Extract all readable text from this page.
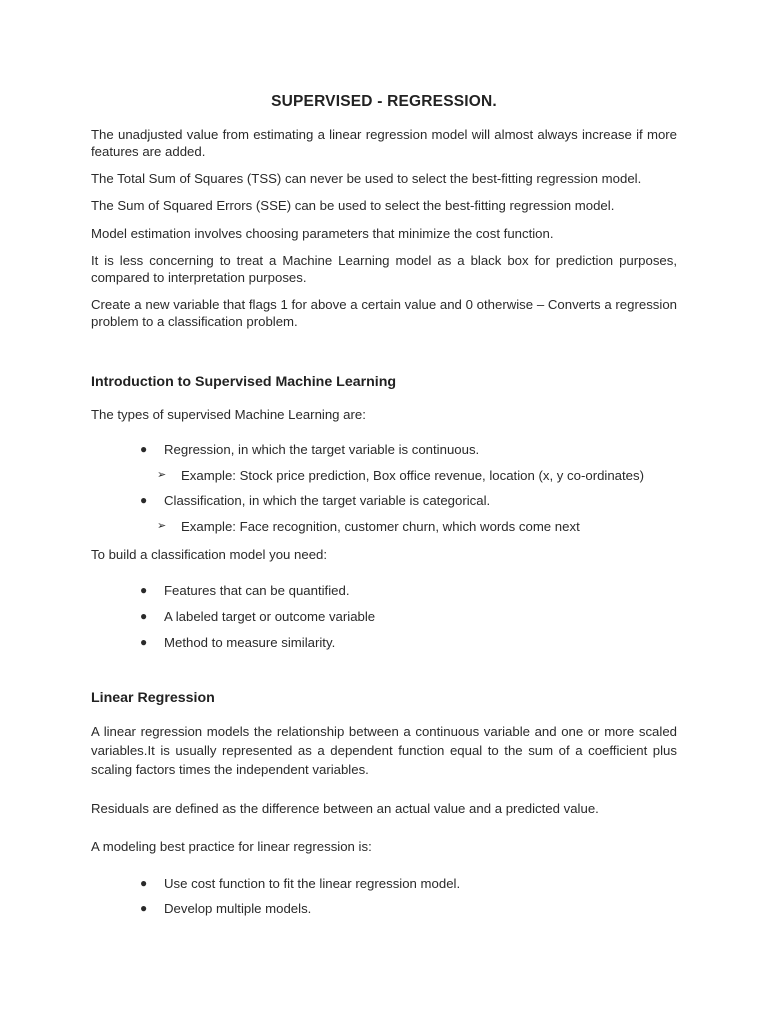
SUPERVISED - REGRESSION.
The unadjusted value from estimating a linear regression model will almost always increase if more features are added.
The Total Sum of Squares (TSS) can never be used to select the best-fitting regression model.
The Sum of Squared Errors (SSE) can be used to select the best-fitting regression model.
Model estimation involves choosing parameters that minimize the cost function.
It is less concerning to treat a Machine Learning model as a black box for prediction purposes, compared to interpretation purposes.
Create a new variable that flags 1 for above a certain value and 0 otherwise – Converts a regression problem to a classification problem.
Introduction to Supervised Machine Learning
The types of supervised Machine Learning are:
● Regression, in which the target variable is continuous.
➢ Example: Stock price prediction, Box office revenue, location (x, y co-ordinates)
● Classification, in which the target variable is categorical.
➢ Example: Face recognition, customer churn, which words come next
To build a classification model you need:
● Features that can be quantified.
● A labeled target or outcome variable
● Method to measure similarity.
Linear Regression
A linear regression models the relationship between a continuous variable and one or more scaled variables.It is usually represented as a dependent function equal to the sum of a coefficient plus scaling factors times the independent variables.
Residuals are defined as the difference between an actual value and a predicted value.
A modeling best practice for linear regression is:
● Use cost function to fit the linear regression model.
● Develop multiple models.
